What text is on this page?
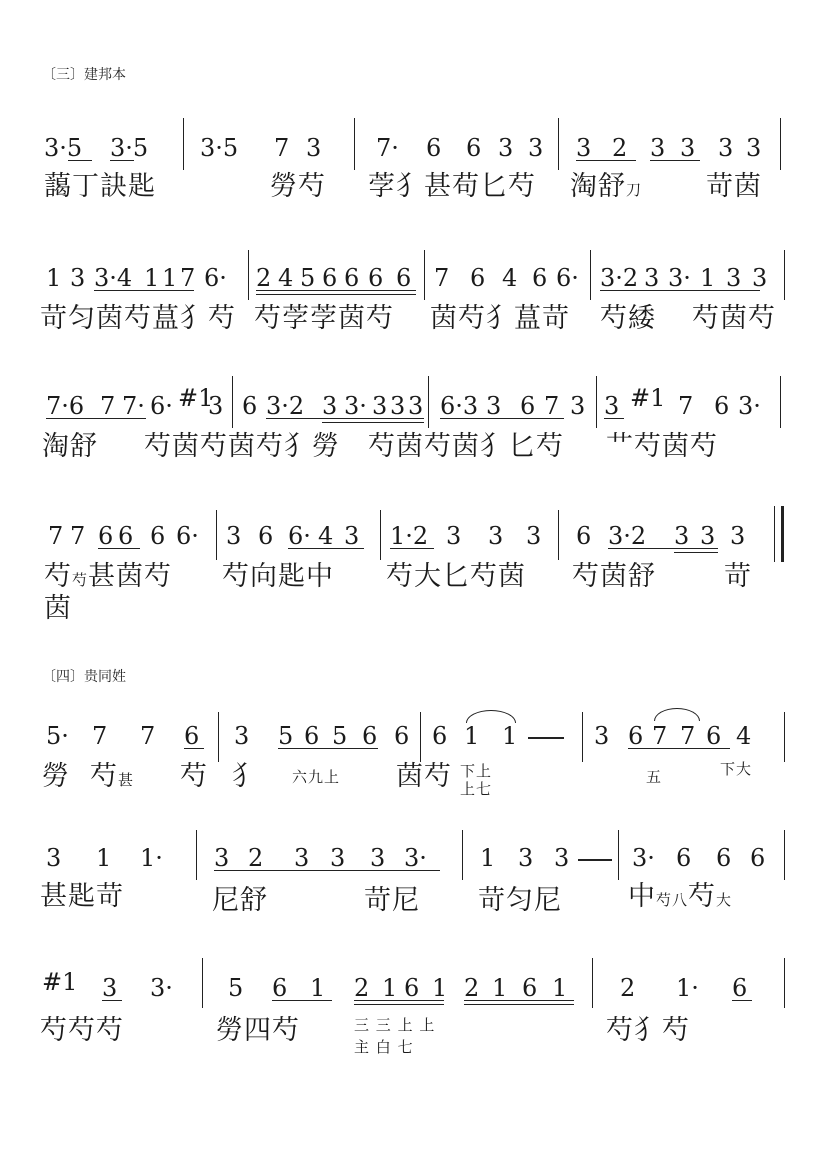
〔三〕建邦本
3·5 3·5 3·5 7 3 7· 6 6 3 3 3 2 3 3 3 3
藹丁訣匙	勞芍 茡犭甚苟匕芍 淘舒刀 苛茵
1 3 3·4 1 1 7 6· 2 4 5 6 6 6 6 7 6 4 6 6· 3·2 3 3· 1 3 3
苛匀茵芍蒀犭芍 芍茡茡茵芍 茵芍犭蒀苛 芍緌 芍茵芍
7·6 7 7· 6· #1
3 6 3·2 3 3· 3 3 3 6·3 3 6 7 3 3 #1 7 6 3·
淘舒 芍茵芍茵芍犭勞 芍茵芍茵犭匕芍 艹芍茵芍
7 7 6 6 6 6· 3 6 6· 4 3 1·2 3 3 3 6 3·2 3 3 3
芍芍甚茵芍
茵
芍向匙中 芍大匕芍茵 芍茵舒	苛
〔四〕贵同姓
5· 7 7 6 3 5 6 5 6 6 6 1 1	3 6 7 7 6 4
勞 芍甚 芍 犭 六九上 茵芍 下上
上七
五	下大
3 1 1· 3 2 3 3 3 3· 1 3 3	3· 6 6 6
甚匙苛	尼舒	苛尼 苛匀尼 中芍八芍大
#1 3 3· 5 6 1 2 1 6 1 2 1 6 1 2 1· 6
芍芍芍	勞四芍	三 三 上 上
主 白 七
芍犭芍
